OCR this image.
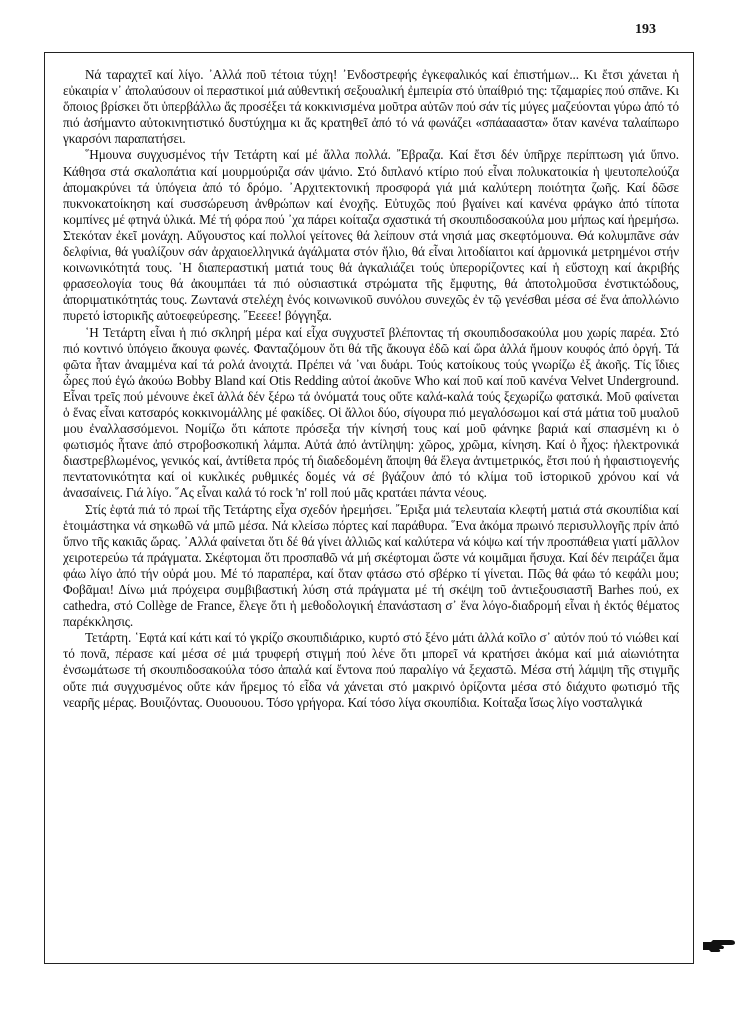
193

Νά ταραχτεῖ καί λίγο. ᾽Αλλά ποῦ τέτοια τύχη! ᾽Ενδοστρεφής ἐγκεφαλικός καί ἐπιστήμων... Κι ἔτσι χάνεται ἡ εὐκαιρία ν᾽ ἀπολαύσουν οἱ περαστικοί μιά αὐθεντική σεξουαλική ἐμπειρία στό ὑπαίθριό της: τζαμαρίες πού σπᾶνε. Κι ὅποιος βρίσκει ὅτι ὑπερβάλλω ἄς προσέξει τά κοκκινισμένα μοῦτρα αὐτῶν πού σάν τίς μύγες μαζεύονται γύρω ἀπό τό πιό ἀσήμαντο αὐτοκινητιστικό δυστύχημα κι ἄς κρατηθεῖ ἀπό τό νά φωνάζει «σπάαααστα» ὅταν κανένα ταλαίπωρο γκαρσόνι παραπατήσει.

῞Ημουνα συγχυσμένος τήν Τετάρτη καί μέ ἄλλα πολλά. ῎Εβραζα. Καί ἔτσι δέν ὑπῆρχε περίπτωση γιά ὕπνο. Κάθησα στά σκαλοπάτια καί μουρμούριζα σάν ψάνιο. Στό διπλανό κτίριο πού εἶναι πολυκατοικία ἡ ψευτοπελούζα ἀπομακρύνει τά ὑπόγεια ἀπό τό δρόμο. ᾽Αρχιτεκτονική προσφορά γιά μιά καλύτερη ποιότητα ζωῆς. Καί δῶσε πυκνοκατοίκηση καί συσσώρευση ἀνθρώπων καί ἐνοχῆς. Εὐτυχῶς πού βγαίνει καί κανένα φράγκο ἀπό τίποτα κομπίνες μέ φτηνά ὑλικά. Μέ τή φόρα πού ᾽χα πάρει κοίταζα σχαστικά τή σκουπιδοσακούλα μου μήπως καί ἠρεμήσω. Στεκόταν ἐκεῖ μονάχη. Αὔγουστος καί πολλοί γείτονες θά λείπουν στά νησιά μας σκεφτόμουνα. Θά κολυμπᾶνε σάν δελφίνια, θά γυαλίζουν σάν ἀρχαιοελληνικά ἀγάλματα στόν ἥλιο, θά εἶναι λιτοδίαιτοι καί ἁρμονικά μετρημένοι στήν κοινωνικότητά τους. ῾Η διαπεραστική ματιά τους θά ἀγκαλιάζει τούς ὑπερορίζοντες καί ἡ εὔστοχη καί ἀκριβής φρασεολογία τους θά ἀκουμπάει τά πιό οὐσιαστικά στρώματα τῆς ἔμφυτης, θά ἀποτολμοῦσα ἐνστικτώδους, ἀποριματικότητάς τους. Ζωντανά στελέχη ἑνός κοινωνικοῦ συνόλου συνεχῶς ἐν τῷ γενέσθαι μέσα σέ ἕνα ἀπολλώνιο πυρετό ἱστορικῆς αὐτοεφεύρεσης. ῎Εεεεε! βόγγηξα.

῾Η Τετάρτη εἶναι ἡ πιό σκληρή μέρα καί εἶχα συγχυστεῖ βλέποντας τή σκουπιδοσακούλα μου χωρίς παρέα. Στό πιό κοντινό ὑπόγειο ἄκουγα φωνές. Φανταζόμουν ὅτι θά τῆς ἄκουγα ἐδῶ καί ὥρα ἀλλά ἤμουν κουφός ἀπό ὀργή. Τά φῶτα ἦταν ἀναμμένα καί τά ρολά ἀνοιχτά. Πρέπει νά ᾽ναι δυάρι. Τούς κατοίκους τούς γνωρίζω ἐξ ἀκοῆς. Τίς ἴδιες ὧρες πού ἐγώ ἀκούω Bobby Bland καί Otis Redding αὐτοί ἀκοῦνε Who καί ποῦ καί ποῦ κανένα Velvet Underground. Εἶναι τρεῖς πού μένουνε ἐκεῖ ἀλλά δέν ξέρω τά ὀνόματά τους οὔτε καλά-καλά τούς ξεχωρίζω φατσικά. Μοῦ φαίνεται ὁ ἕνας εἶναι κατσαρός κοκκινομάλλης μέ φακίδες. Οἱ ἄλλοι δύο, σίγουρα πιό μεγαλόσωμοι καί στά μάτια τοῦ μυαλοῦ μου ἐναλλασσόμενοι. Νομίζω ὅτι κάποτε πρόσεξα τήν κίνησή τους καί μοῦ φάνηκε βαριά καί σπασμένη κι ὁ φωτισμός ἦτανε ἀπό στροβοσκοπική λάμπα. Αὐτά ἀπό ἀντίληψη: χῶρος, χρῶμα, κίνηση. Καί ὁ ἦχος: ἠλεκτρονικά διαστρεβλωμένος, γενικός καί, ἀντίθετα πρός τή διαδεδομένη ἄποψη θά ἔλεγα ἀντιμετρικός, ἔτσι πού ἡ ἠφαιστιογενής πεντατονικότητα καί οἱ κυκλικές ρυθμικές δομές νά σέ βγάζουν ἀπό τό κλίμα τοῦ ἱστορικοῦ χρόνου καί νά ἀνασαίνεις. Γιά λίγο. ῞Ας εἶναι καλά τό rock 'n' roll πού μᾶς κρατάει πάντα νέους.

Στίς ἑφτά πιά τό πρωί τῆς Τετάρτης εἶχα σχεδόν ἠρεμήσει. ῎Εριξα μιά τελευταία κλεφτή ματιά στά σκουπίδια καί ἑτοιμάστηκα νά σηκωθῶ νά μπῶ μέσα. Νά κλείσω πόρτες καί παράθυρα. ῞Ενα ἀκόμα πρωινό περισυλλογῆς πρίν ἀπό ὕπνο τῆς κακιᾶς ὥρας. ᾽Αλλά φαίνεται ὅτι δέ θά γίνει ἀλλιῶς καί καλύτερα νά κόψω καί τήν προσπάθεια γιατί μᾶλλον χειροτερεύω τά πράγματα. Σκέφτομαι ὅτι προσπαθῶ νά μή σκέφτομαι ὥστε νά κοιμᾶμαι ἥσυχα. Καί δέν πειράζει ἅμα φάω λίγο ἀπό τήν οὐρά μου. Μέ τό παραπέρα, καί ὅταν φτάσω στό σβέρκο τί γίνεται. Πῶς θά φάω τό κεφάλι μου; Φοβᾶμαι! Δίνω μιά πρόχειρα συμβιβαστική λύση στά πράγματα μέ τή σκέψη τοῦ ἀντιεξουσιαστῆ Barhes πού, ex cathedra, στό Collège de France, ἔλεγε ὅτι ἡ μεθοδολογική ἐπανάσταση σ᾽ ἕνα λόγο-διαδρομή εἶναι ἡ ἐκτός θέματος παρέκκλησις.

Τετάρτη. ῾Εφτά καί κάτι καί τό γκρίζο σκουπιδιάρικο, κυρτό στό ξένο μάτι ἀλλά κοῖλο σ᾽ αὐτόν πού τό νιώθει καί τό πονᾶ, πέρασε καί μέσα σέ μιά τρυφερή στιγμή πού λένε ὅτι μπορεῖ νά κρατήσει ἀκόμα καί μιά αἰωνιότητα ἐνσωμάτωσε τή σκουπιδοσακούλα τόσο ἁπαλά καί ἔντονα πού παραλίγο νά ξεχαστῶ. Μέσα στή λάμψη τῆς στιγμῆς οὔτε πιά συγχυσμένος οὔτε κάν ἤρεμος τό εἶδα νά χάνεται στό μακρινό ὁρίζοντα μέσα στό διάχυτο φωτισμό τῆς νεαρῆς μέρας. Βουιζόντας. Ουουουου. Τόσο γρήγορα. Καί τόσο λίγα σκουπίδια. Κοίταξα ἴσως λίγο νοσταλγικά
